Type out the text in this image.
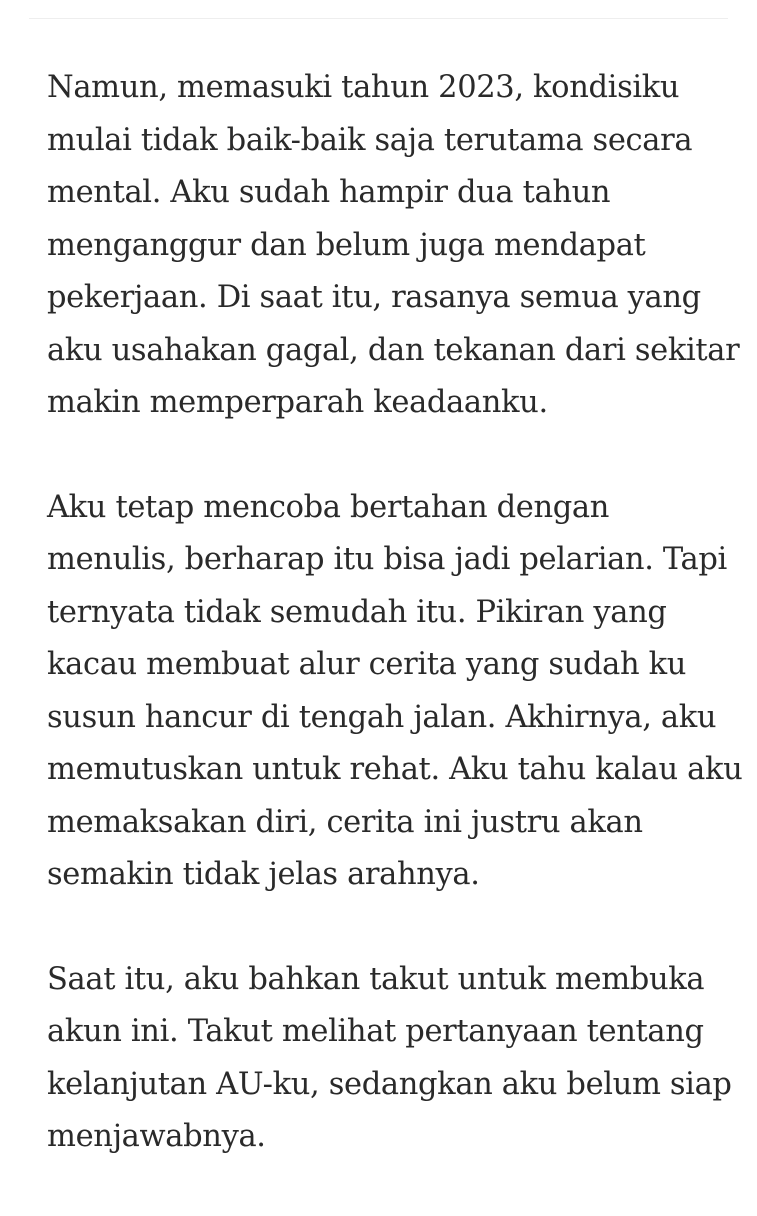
Namun, memasuki tahun 2023, kondisiku
mulai tidak baik-baik saja terutama secara
mental. Aku sudah hampir dua tahun
menganggur dan belum juga mendapat
pekerjaan. Di saat itu, rasanya semua yang
aku usahakan gagal, dan tekanan dari sekitar
makin memperparah keadaanku.

Aku tetap mencoba bertahan dengan
menulis, berharap itu bisa jadi pelarian. Tapi
ternyata tidak semudah itu. Pikiran yang
kacau membuat alur cerita yang sudah ku
susun hancur di tengah jalan. Akhirnya, aku
memutuskan untuk rehat. Aku tahu kalau aku
memaksakan diri, cerita ini justru akan
semakin tidak jelas arahnya.

Saat itu, aku bahkan takut untuk membuka
akun ini. Takut melihat pertanyaan tentang
kelanjutan AU-ku, sedangkan aku belum siap
menjawabnya.
